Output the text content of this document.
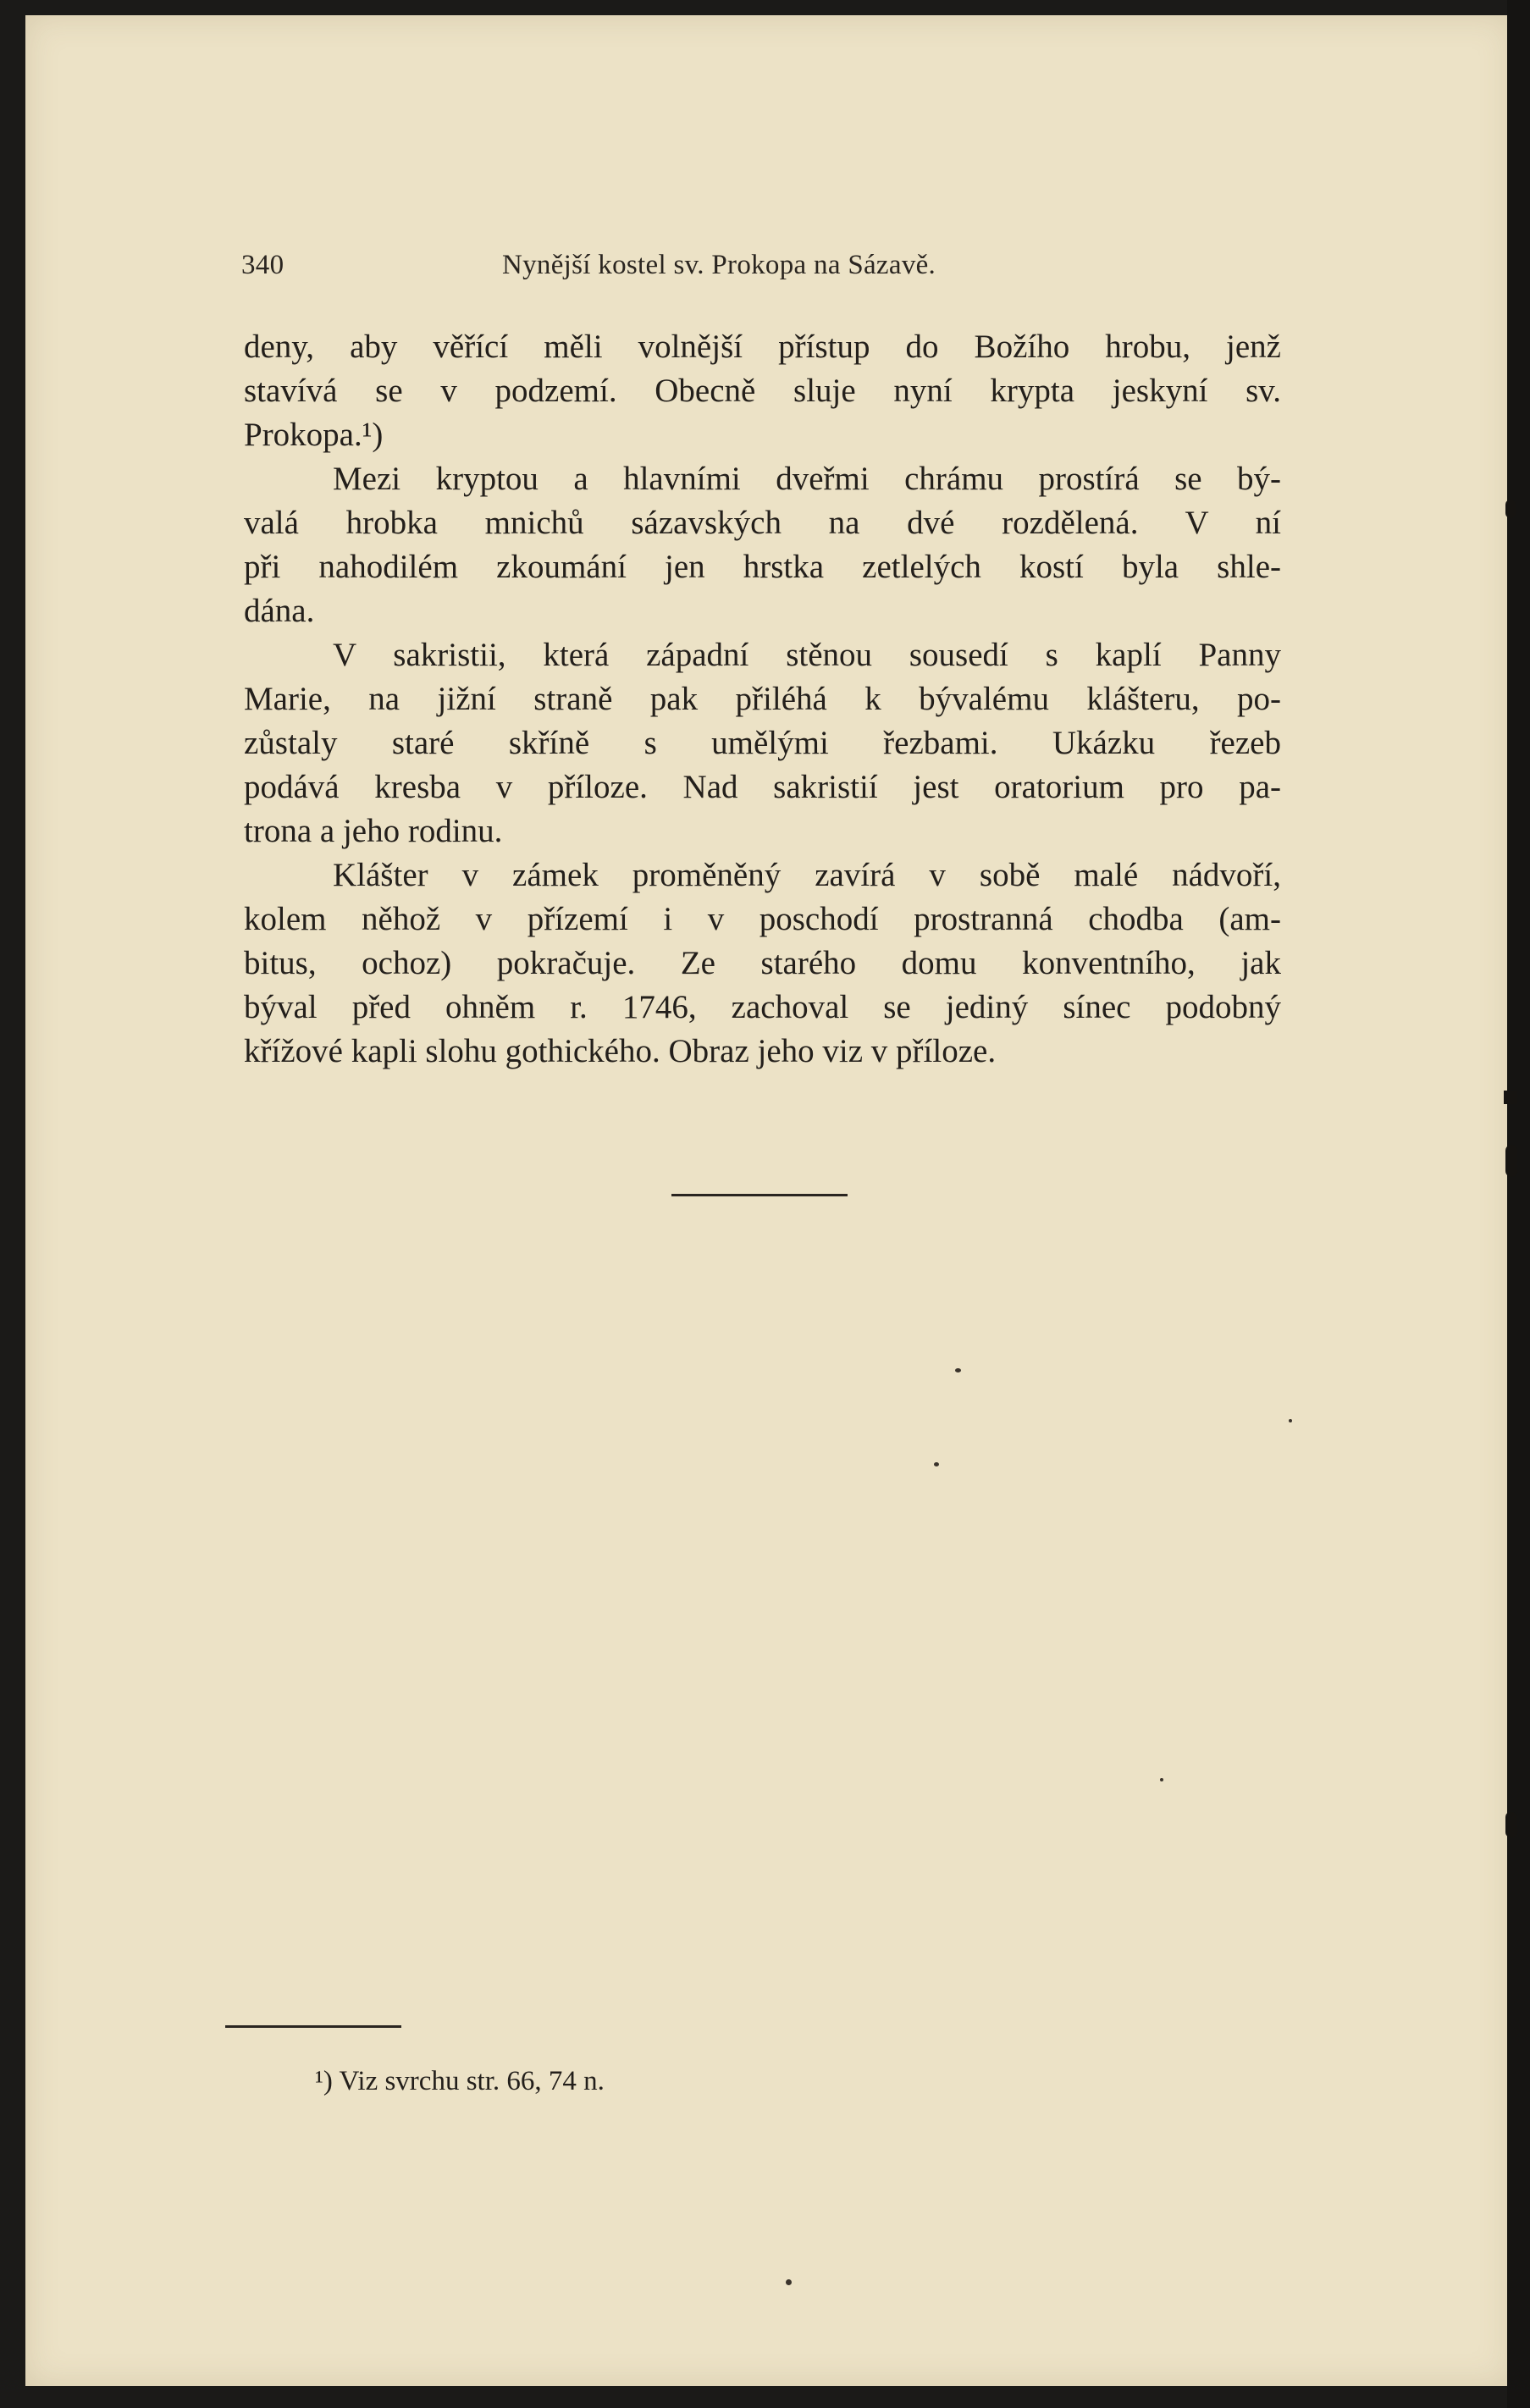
340	Nynější kostel sv. Prokopa na Sázavě.
deny, aby věřící měli volnější přístup do Božího hrobu, jenž
stavívá se v podzemí. Obecně sluje nyní krypta jeskyní sv.
Prokopa.¹)
Mezi kryptou a hlavními dveřmi chrámu prostírá se bý-
valá hrobka mnichů sázavských na dvé rozdělená. V ní
při nahodilém zkoumání jen hrstka zetlelých kostí byla shle-
dána.
V sakristii, která západní stěnou sousedí s kaplí Panny
Marie, na jižní straně pak přiléhá k bývalému klášteru, po-
zůstaly staré skříně s umělými řezbami. Ukázku řezeb
podává kresba v příloze. Nad sakristií jest oratorium pro pa-
trona a jeho rodinu.
Klášter v zámek proměněný zavírá v sobě malé nádvoří,
kolem něhož v přízemí i v poschodí prostranná chodba (am-
bitus, ochoz) pokračuje. Ze starého domu konventního, jak
býval před ohněm r. 1746, zachoval se jediný sínec podobný
křížové kapli slohu gothického. Obraz jeho viz v příloze.
¹) Viz svrchu str. 66, 74 n.
